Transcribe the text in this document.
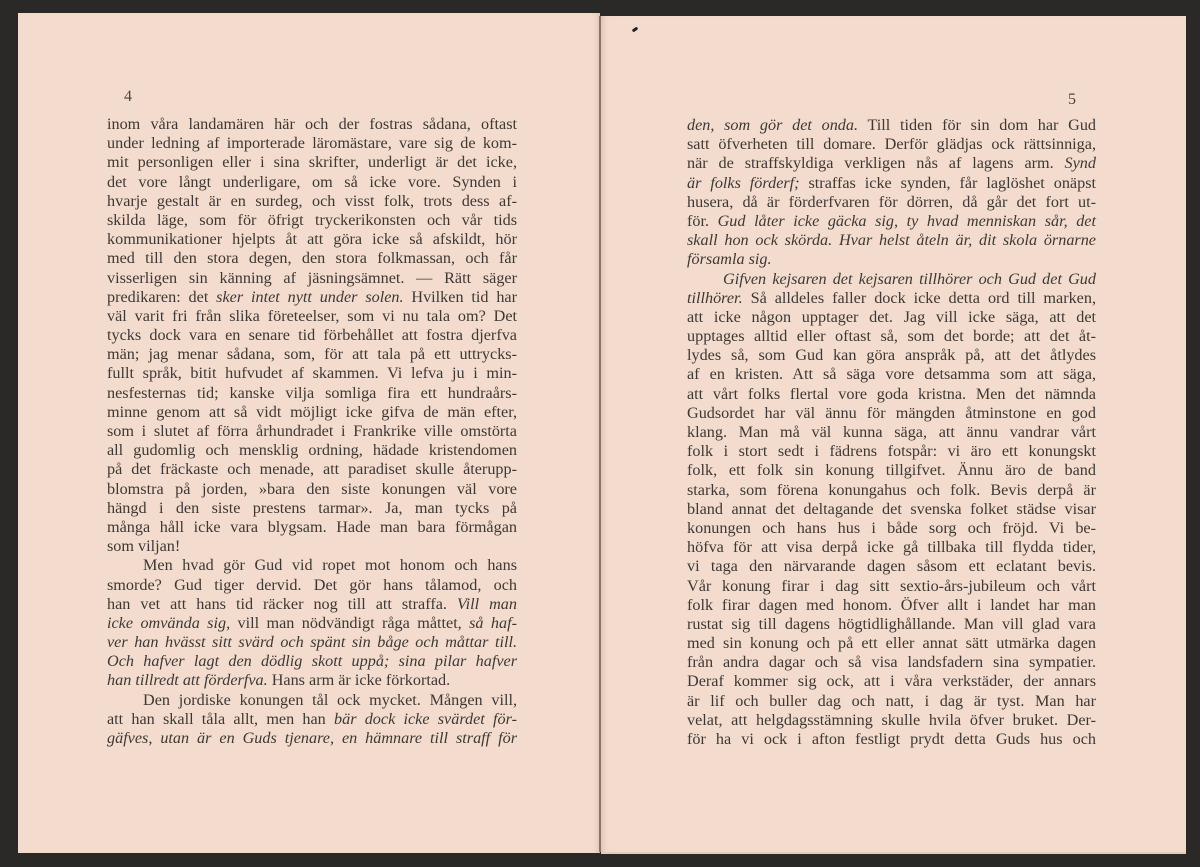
4	5
inom våra landamären här och der fostras sådana, oftast
under ledning af importerade läromästare, vare sig de kom-
mit personligen eller i sina skrifter, underligt är det icke,
det vore långt underligare, om så icke vore. Synden i
hvarje gestalt är en surdeg, och visst folk, trots dess af-
skilda läge, som för öfrigt tryckerikonsten och vår tids
kommunikationer hjelpts åt att göra icke så afskildt, hör
med till den stora degen, den stora folkmassan, och får
visserligen sin känning af jäsningsämnet. — Rätt säger
predikaren: det sker intet nytt under solen. Hvilken tid har
väl varit fri från slika företeelser, som vi nu tala om? Det
tycks dock vara en senare tid förbehållet att fostra djerfva
män; jag menar sådana, som, för att tala på ett uttrycks-
fullt språk, bitit hufvudet af skammen. Vi lefva ju i min-
nesfesternas tid; kanske vilja somliga fira ett hundraårs-
minne genom att så vidt möjligt icke gifva de män efter,
som i slutet af förra århundradet i Frankrike ville omstörta
all gudomlig och mensklig ordning, hädade kristendomen
på det fräckaste och menade, att paradiset skulle återupp-
blomstra på jorden, »bara den siste konungen väl vore
hängd i den siste prestens tarmar». Ja, man tycks på
många håll icke vara blygsam. Hade man bara förmågan
som viljan!
Men hvad gör Gud vid ropet mot honom och hans
smorde? Gud tiger dervid. Det gör hans tålamod, och
han vet att hans tid räcker nog till att straffa. Vill man
icke omvända sig, vill man nödvändigt råga måttet, så haf-
ver han hvässt sitt svärd och spänt sin båge och måttar till.
Och hafver lagt den dödlig skott uppå; sina pilar hafver
han tillredt att förderfva. Hans arm är icke förkortad.
Den jordiske konungen tål ock mycket. Mången vill,
att han skall tåla allt, men han bär dock icke svärdet för-
gäfves, utan är en Guds tjenare, en hämnare till straff för
den, som gör det onda. Till tiden för sin dom har Gud
satt öfverheten till domare. Derför glädjas ock rättsinniga,
när de straffskyldiga verkligen nås af lagens arm. Synd
är folks förderf; straffas icke synden, får laglöshet onäpst
husera, då är förderfvaren för dörren, då går det fort ut-
för. Gud låter icke gäcka sig, ty hvad menniskan sår, det
skall hon ock skörda. Hvar helst åteln är, dit skola örnarne
församla sig.
Gifven kejsaren det kejsaren tillhörer och Gud det Gud
tillhörer. Så alldeles faller dock icke detta ord till marken,
att icke någon upptager det. Jag vill icke säga, att det
upptages alltid eller oftast så, som det borde; att det åt-
lydes så, som Gud kan göra anspråk på, att det åtlydes
af en kristen. Att så säga vore detsamma som att säga,
att vårt folks flertal vore goda kristna. Men det nämnda
Gudsordet har väl ännu för mängden åtminstone en god
klang. Man må väl kunna säga, att ännu vandrar vårt
folk i stort sedt i fädrens fotspår: vi äro ett konungskt
folk, ett folk sin konung tillgifvet. Ännu äro de band
starka, som förena konungahus och folk. Bevis derpå är
bland annat det deltagande det svenska folket städse visar
konungen och hans hus i både sorg och fröjd. Vi be-
höfva för att visa derpå icke gå tillbaka till flydda tider,
vi taga den närvarande dagen såsom ett eclatant bevis.
Vår konung firar i dag sitt sextio-års-jubileum och vårt
folk firar dagen med honom. Öfver allt i landet har man
rustat sig till dagens högtidlighållande. Man vill glad vara
med sin konung och på ett eller annat sätt utmärka dagen
från andra dagar och så visa landsfadern sina sympatier.
Deraf kommer sig ock, att i våra verkstäder, der annars
är lif och buller dag och natt, i dag är tyst. Man har
velat, att helgdagsstämning skulle hvila öfver bruket. Der-
för ha vi ock i afton festligt prydt detta Guds hus och
